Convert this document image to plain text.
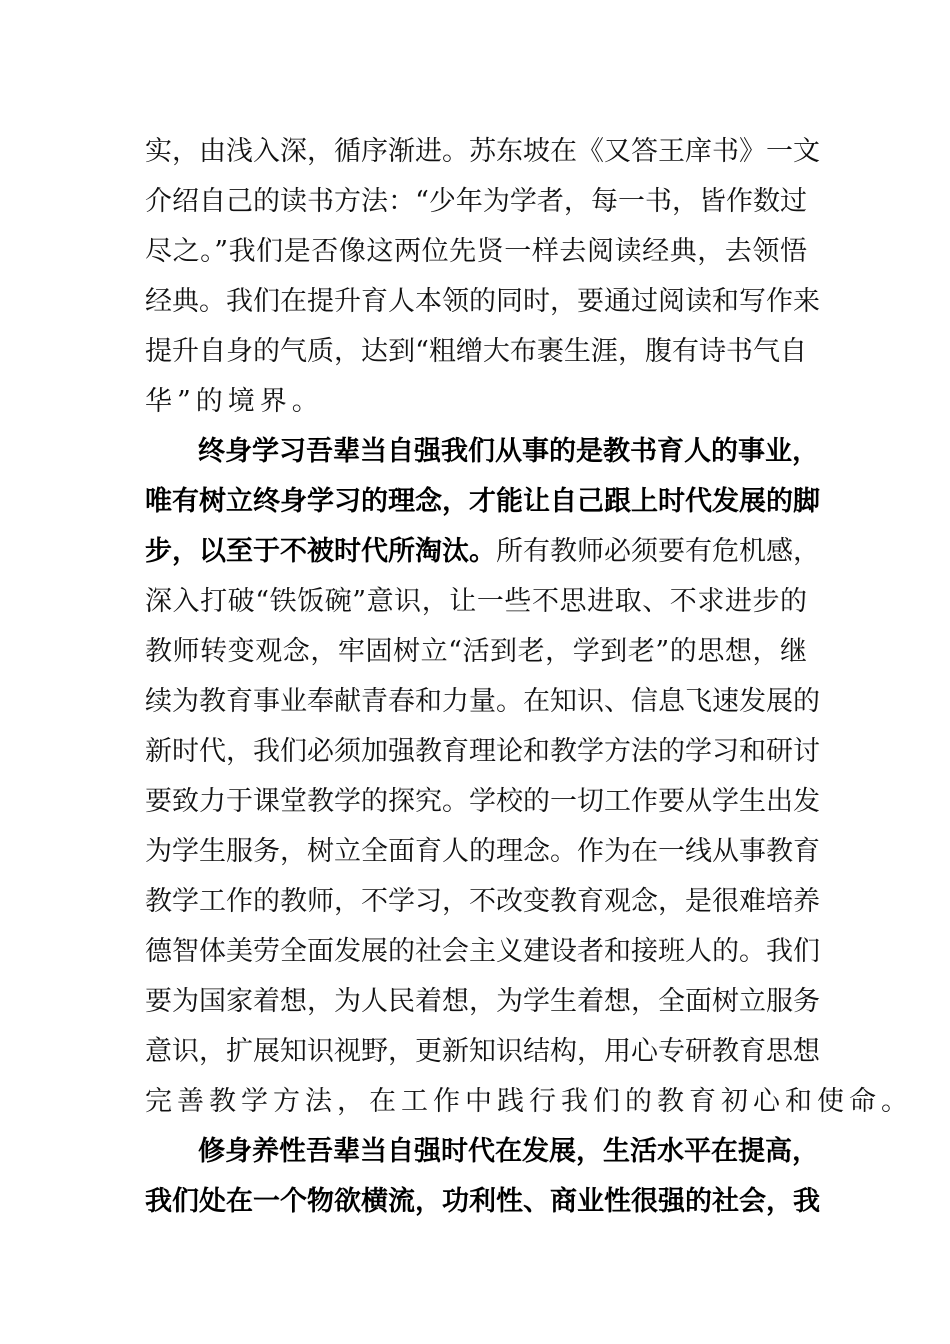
实，由浅入深，循序渐进。苏东坡在《又答王庠书》一文
介绍自己的读书方法：“少年为学者，每一书，皆作数过
尽之。”我们是否像这两位先贤一样去阅读经典，去领悟
经典。我们在提升育人本领的同时，要通过阅读和写作来
提升自身的气质，达到“粗缯大布裹生涯，腹有诗书气自
华”的境界。
终身学习吾辈当自强我们从事的是教书育人的事业，
唯有树立终身学习的理念，才能让自己跟上时代发展的脚
步，以至于不被时代所淘汰。所有教师必须要有危机感，
深入打破“铁饭碗”意识，让一些不思进取、不求进步的
教师转变观念，牢固树立“活到老，学到老”的思想，继
续为教育事业奉献青春和力量。在知识、信息飞速发展的
新时代，我们必须加强教育理论和教学方法的学习和研讨
要致力于课堂教学的探究。学校的一切工作要从学生出发
为学生服务，树立全面育人的理念。作为在一线从事教育
教学工作的教师，不学习，不改变教育观念，是很难培养
德智体美劳全面发展的社会主义建设者和接班人的。我们
要为国家着想，为人民着想，为学生着想，全面树立服务
意识，扩展知识视野，更新知识结构，用心专研教育思想
完善教学方法，在工作中践行我们的教育初心和使命。
修身养性吾辈当自强时代在发展，生活水平在提高，
我们处在一个物欲横流，功利性、商业性很强的社会，我
